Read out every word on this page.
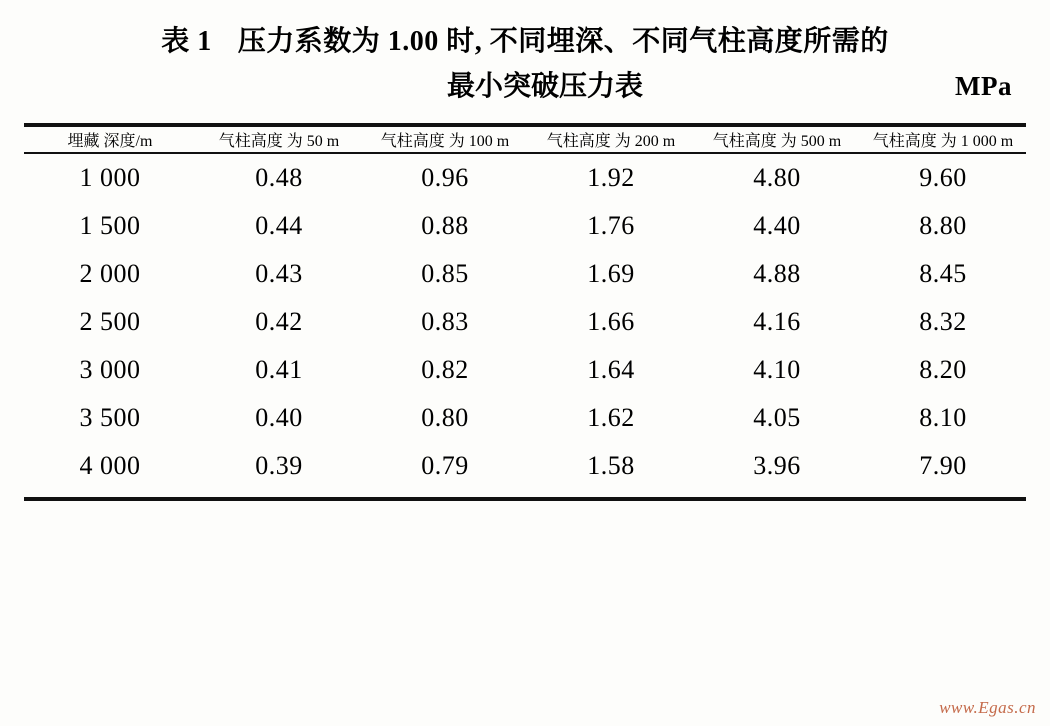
表 1 压力系数为 1.00 时, 不同埋深、不同气柱高度所需的
最小突破压力表	MPa

埋藏 深度/m	气柱高度 为 50 m	气柱高度 为 100 m	气柱高度 为 200 m	气柱高度 为 500 m	气柱高度 为 1 000 m

1 000	0.48	0.96	1.92	4.80	9.60
1 500	0.44	0.88	1.76	4.40	8.80
2 000	0.43	0.85	1.69	4.88	8.45
2 500	0.42	0.83	1.66	4.16	8.32
3 000	0.41	0.82	1.64	4.10	8.20
3 500	0.40	0.80	1.62	4.05	8.10
4 000	0.39	0.79	1.58	3.96	7.90

www.Egas.cn
